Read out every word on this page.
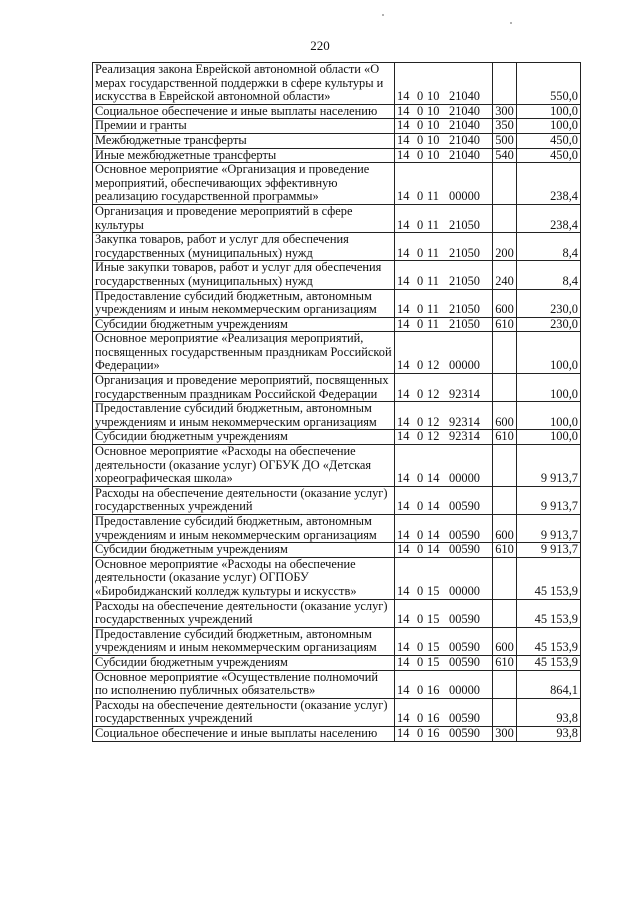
220
Реализация закона Еврейской автономной области «О мерах государственной поддержки в сфере культуры и искусства в Еврейской автономной области»	14 0 10 21040		550,0
Социальное обеспечение и иные выплаты населению	14 0 10 21040	300	100,0
Премии и гранты	14 0 10 21040	350	100,0
Межбюджетные трансферты	14 0 10 21040	500	450,0
Иные межбюджетные трансферты	14 0 10 21040	540	450,0
Основное мероприятие «Организация и проведение мероприятий, обеспечивающих эффективную реализацию государственной программы»	14 0 11 00000		238,4
Организация и проведение мероприятий в сфере культуры	14 0 11 21050		238,4
Закупка товаров, работ и услуг для обеспечения государственных (муниципальных) нужд	14 0 11 21050	200	8,4
Иные закупки товаров, работ и услуг для обеспечения государственных (муниципальных) нужд	14 0 11 21050	240	8,4
Предоставление субсидий бюджетным, автономным учреждениям и иным некоммерческим организациям	14 0 11 21050	600	230,0
Субсидии бюджетным учреждениям	14 0 11 21050	610	230,0
Основное мероприятие «Реализация мероприятий, посвященных государственным праздникам Российской Федерации»	14 0 12 00000		100,0
Организация и проведение мероприятий, посвященных государственным праздникам Российской Федерации	14 0 12 92314		100,0
Предоставление субсидий бюджетным, автономным учреждениям и иным некоммерческим организациям	14 0 12 92314	600	100,0
Субсидии бюджетным учреждениям	14 0 12 92314	610	100,0
Основное мероприятие «Расходы на обеспечение деятельности (оказание услуг) ОГБУК ДО «Детская хореографическая школа»	14 0 14 00000		9 913,7
Расходы на обеспечение деятельности (оказание услуг) государственных учреждений	14 0 14 00590		9 913,7
Предоставление субсидий бюджетным, автономным учреждениям и иным некоммерческим организациям	14 0 14 00590	600	9 913,7
Субсидии бюджетным учреждениям	14 0 14 00590	610	9 913,7
Основное мероприятие «Расходы на обеспечение деятельности (оказание услуг) ОГПОБУ «Биробиджанский колледж культуры и искусств»	14 0 15 00000		45 153,9
Расходы на обеспечение деятельности (оказание услуг) государственных учреждений	14 0 15 00590		45 153,9
Предоставление субсидий бюджетным, автономным учреждениям и иным некоммерческим организациям	14 0 15 00590	600	45 153,9
Субсидии бюджетным учреждениям	14 0 15 00590	610	45 153,9
Основное мероприятие «Осуществление полномочий по исполнению публичных обязательств»	14 0 16 00000		864,1
Расходы на обеспечение деятельности (оказание услуг) государственных учреждений	14 0 16 00590		93,8
Социальное обеспечение и иные выплаты населению	14 0 16 00590	300	93,8
